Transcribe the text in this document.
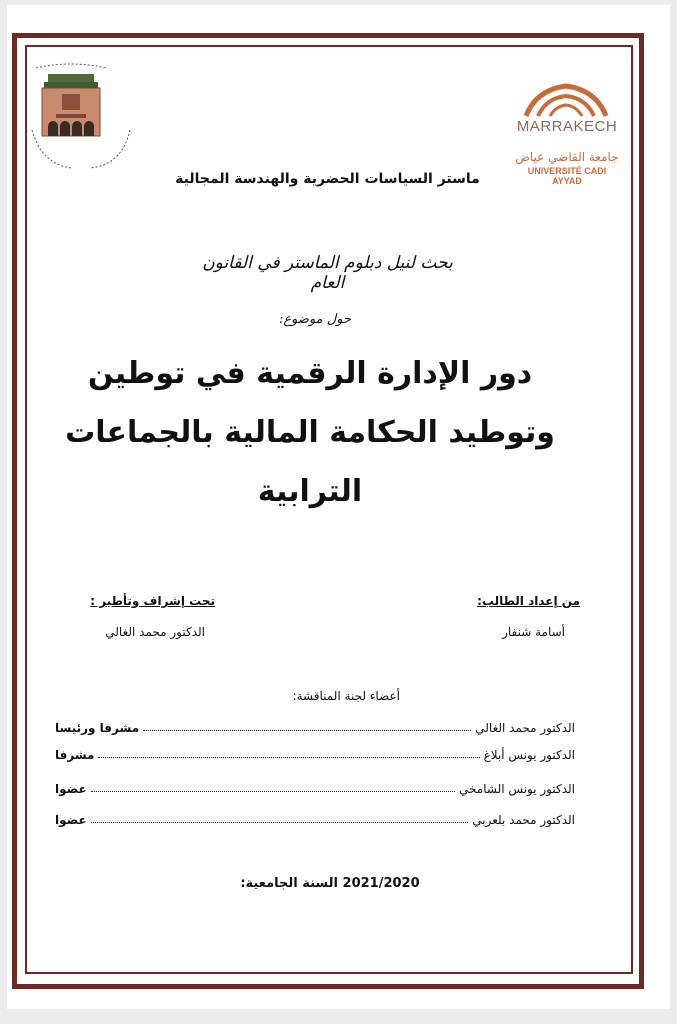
MARRAKECH
جامعة القاضي عياض
UNIVERSITÉ CADI AYYAD
ماستر السياسات الحضرية والهندسة المجالية
بحث لنيل دبلوم الماستر في القانون العام
حول موضوع:
دور الإدارة الرقمية في توطين
وتوطيد الحكامة المالية بالجماعات
الترابية
من إعداد الطالب:
أسامة شنفار
تحت إشراف وتأطير :
الدكتور محمد الغالي
أعضاء لجنة المناقشة:
الدكتور محمد الغالي
مشرفا ورئيسا
الدكتور يونس أبلاغ
مشرفا
الدكتور يونس الشامخي
عضوا
الدكتور محمد بلعربي
عضوا
السنة الجامعية: 2021/2020
